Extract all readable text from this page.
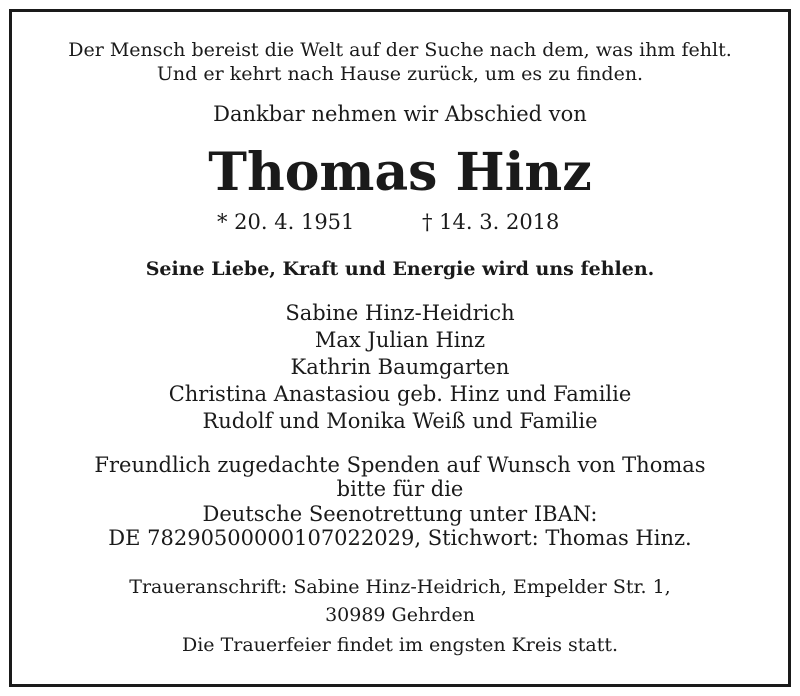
Der Mensch bereist die Welt auf der Suche nach dem, was ihm fehlt.
Und er kehrt nach Hause zurück, um es zu finden.
Dankbar nehmen wir Abschied von
Thomas Hinz
* 20. 4. 1951	† 14. 3. 2018
Seine Liebe, Kraft und Energie wird uns fehlen.
Sabine Hinz-Heidrich
Max Julian Hinz
Kathrin Baumgarten
Christina Anastasiou geb. Hinz und Familie
Rudolf und Monika Weiß und Familie
Freundlich zugedachte Spenden auf Wunsch von Thomas
bitte für die
Deutsche Seenotrettung unter IBAN:
DE 78290500000107022029, Stichwort: Thomas Hinz.
Traueranschrift: Sabine Hinz-Heidrich, Empelder Str. 1,
30989 Gehrden
Die Trauerfeier findet im engsten Kreis statt.
